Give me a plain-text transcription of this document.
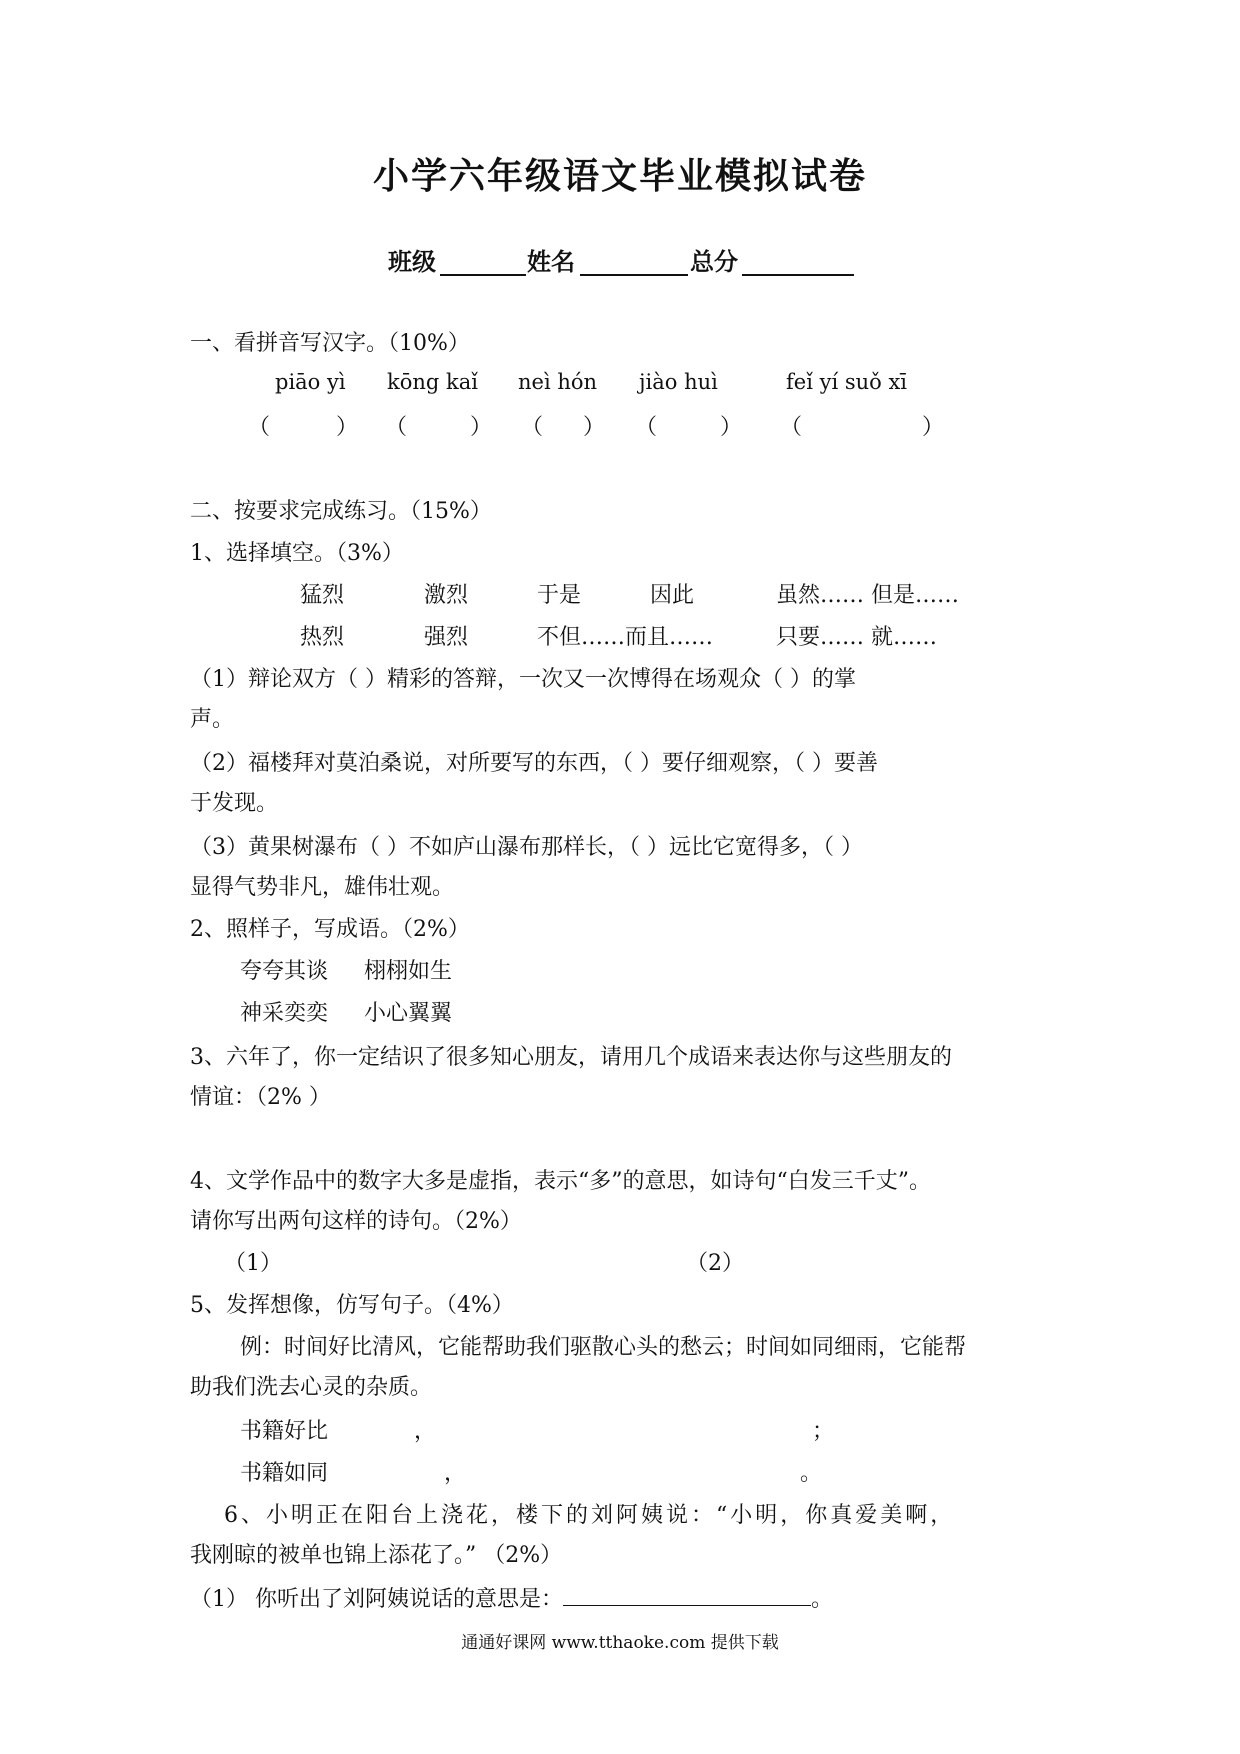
小学六年级语文毕业模拟试卷
班级	姓名	总分
一、看拼音写汉字。（10%）
piāo yì kōng kaǐ neì hón jiào huì	feǐ yí suǒ xī
（	） （	） （ ） （	） （	）
二、按要求完成练习。（15%）
1、选择填空。（3%）
猛烈	激烈	于是	因此	虽然…… 但是……
热烈	强烈	不但……而且……	只要…… 就……
（1）辩论双方（ ）精彩的答辩，一次又一次博得在场观众（ ）的掌
声。
（2）福楼拜对莫泊桑说，对所要写的东西，（ ）要仔细观察，（ ）要善
于发现。
（3）黄果树瀑布（ ）不如庐山瀑布那样长，（ ）远比它宽得多，（ ）
显得气势非凡，雄伟壮观。
2、照样子，写成语。（2%）
夸夸其谈 栩栩如生
神采奕奕 小心翼翼
3、六年了，你一定结识了很多知心朋友，请用几个成语来表达你与这些朋友的
情谊：（2% ）
4、文学作品中的数字大多是虚指，表示“多”的意思，如诗句“白发三千丈”。
请你写出两句这样的诗句。（2%）
（1）	（2）
5、发挥想像，仿写句子。（4%）
例：时间好比清风，它能帮助我们驱散心头的愁云；时间如同细雨，它能帮
助我们洗去心灵的杂质。
书籍好比	，	；
书籍如同	，	。
6、小明正在阳台上浇花，楼下的刘阿姨说：“小明，你真爱美啊，
我刚晾的被单也锦上添花了。” （2%）
（1） 你听出了刘阿姨说话的意思是：	。
通通好课网 www.tthaoke.com 提供下载
